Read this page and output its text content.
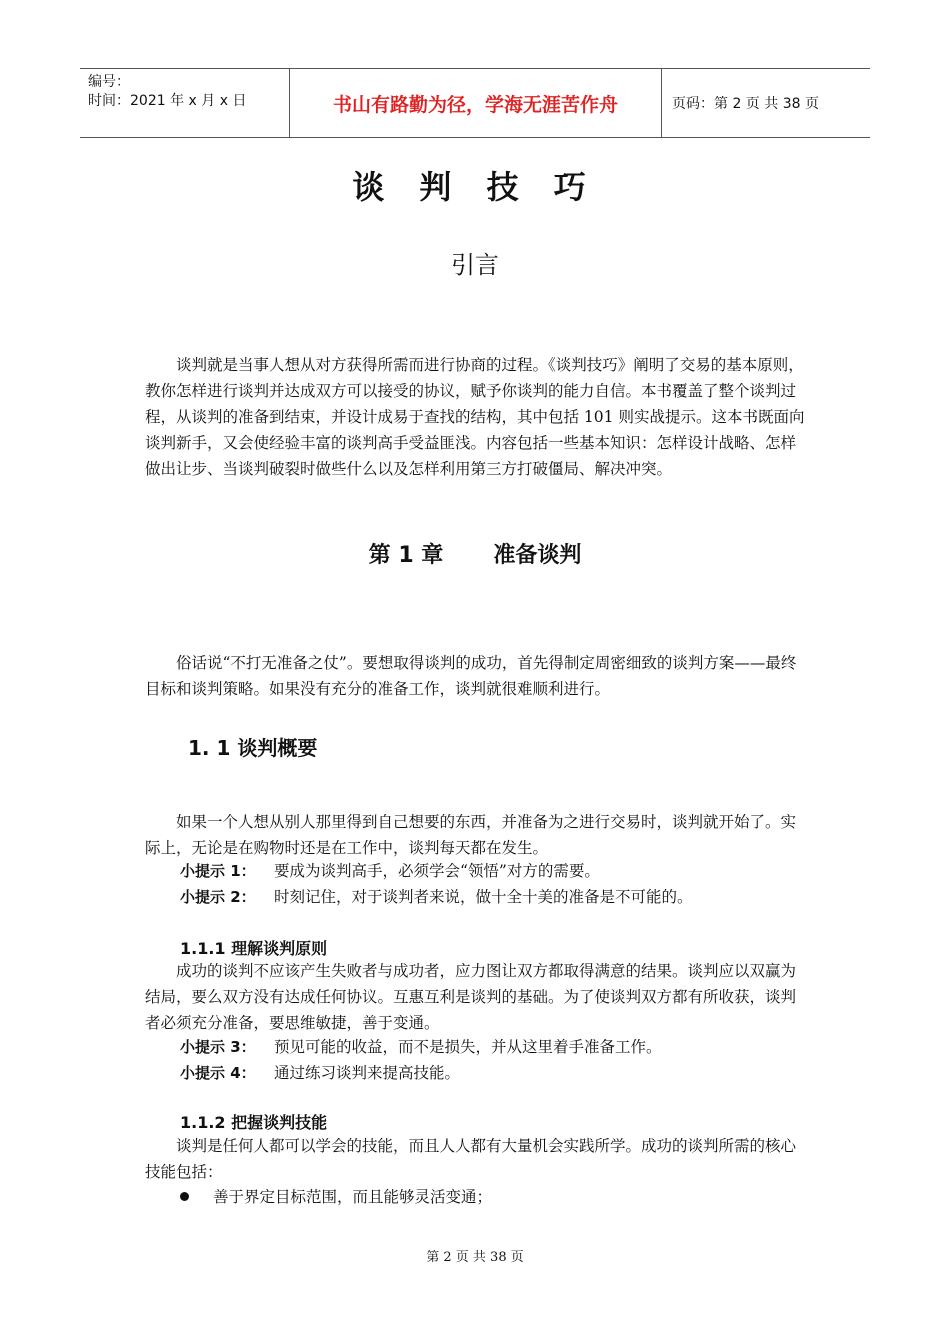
编号：
时间：2021 年 x 月 x 日	书山有路勤为径，学海无涯苦作舟	页码：第 2 页 共 38 页
谈 判 技 巧
引言

谈判就是当事人想从对方获得所需而进行协商的过程。《谈判技巧》阐明了交易的基本原则，教你怎样进行谈判并达成双方可以接受的协议，赋予你谈判的能力自信。本书覆盖了整个谈判过程，从谈判的准备到结束，并设计成易于查找的结构，其中包括 101 则实战提示。这本书既面向谈判新手，又会使经验丰富的谈判高手受益匪浅。内容包括一些基本知识：怎样设计战略、怎样做出让步、当谈判破裂时做些什么以及怎样利用第三方打破僵局、解决冲突。

第 1 章 准备谈判

俗话说“不打无准备之仗”。要想取得谈判的成功，首先得制定周密细致的谈判方案——最终目标和谈判策略。如果没有充分的准备工作，谈判就很难顺利进行。

1. 1 谈判概要

如果一个人想从别人那里得到自己想要的东西，并准备为之进行交易时，谈判就开始了。实际上，无论是在购物时还是在工作中，谈判每天都在发生。

小提示 1： 要成为谈判高手，必须学会“领悟”对方的需要。
小提示 2： 时刻记住，对于谈判者来说，做十全十美的准备是不可能的。
1.1.1 理解谈判原则

成功的谈判不应该产生失败者与成功者，应力图让双方都取得满意的结果。谈判应以双赢为结局，要么双方没有达成任何协议。互惠互利是谈判的基础。为了使谈判双方都有所收获，谈判者必须充分准备，要思维敏捷，善于变通。

小提示 3： 预见可能的收益，而不是损失，并从这里着手准备工作。
小提示 4： 通过练习谈判来提高技能。
1.1.2 把握谈判技能

谈判是任何人都可以学会的技能，而且人人都有大量机会实践所学。成功的谈判所需的核心技能包括：

善于界定目标范围，而且能够灵活变通；
第 2 页 共 38 页
